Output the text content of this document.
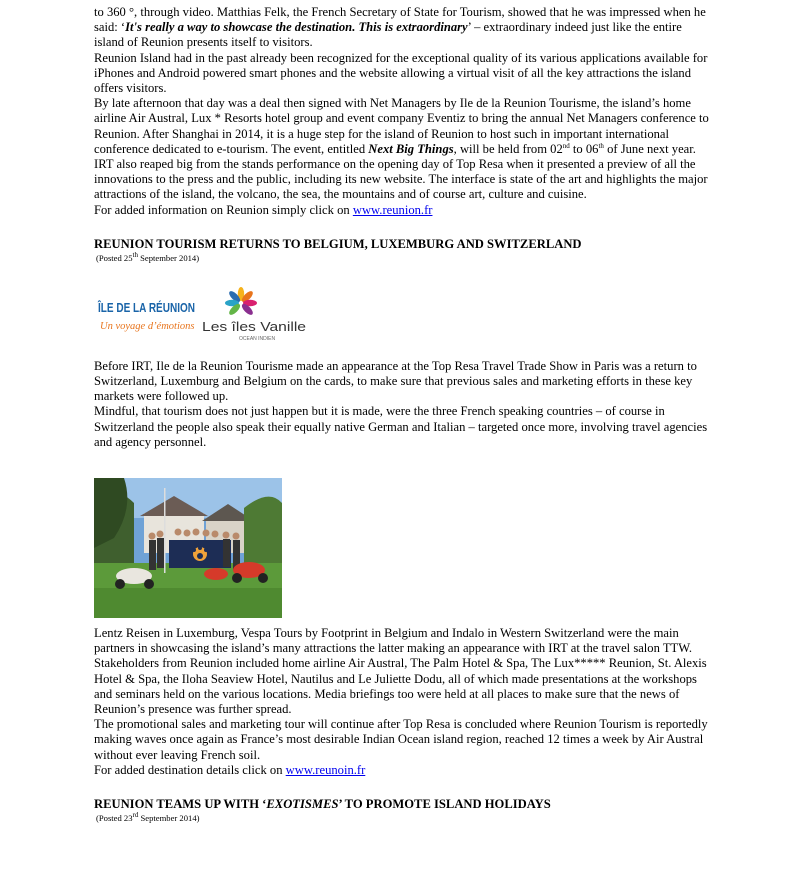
to 360 °, through video. Matthias Felk, the French Secretary of State for Tourism, showed that he was impressed when he said: ‘It's really a way to showcase the destination. This is extraordinary’ – extraordinary indeed just like the entire island of Reunion presents itself to visitors.

Reunion Island had in the past already been recognized for the exceptional quality of its various applications available for iPhones and Android powered smart phones and the website allowing a virtual visit of all the key attractions the island offers visitors.

By late afternoon that day was a deal then signed with Net Managers by Ile de la Reunion Tourisme, the island’s home airline Air Austral, Lux * Resorts hotel group and event company Eventiz to bring the annual Net Managers conference to Reunion. After Shanghai in 2014, it is a huge step for the island of Reunion to host such in important international conference dedicated to e-tourism. The event, entitled Next Big Things, will be held from 02nd to 06th of June next year.

IRT also reaped big from the stands performance on the opening day of Top Resa when it presented a preview of all the innovations to the press and the public, including its new website. The interface is state of the art and highlights the major attractions of the island, the volcano, the sea, the mountains and of course art, culture and cuisine.

For added information on Reunion simply click on www.reunion.fr

REUNION TOURISM RETURNS TO BELGIUM, LUXEMBURG AND SWITZERLAND
(Posted 25th September 2014)
ÎLE DE LA RÉUNION
Un voyage d’émotions Les îles Vanille
OCEAN INDIEN

Before IRT, Ile de la Reunion Tourisme made an appearance at the Top Resa Travel Trade Show in Paris was a return to Switzerland, Luxemburg and Belgium on the cards, to make sure that previous sales and marketing efforts in these key markets were followed up.

Mindful, that tourism does not just happen but it is made, were the three French speaking countries – of course in Switzerland the people also speak their equally native German and Italian – targeted once more, involving travel agencies and agency personnel.

Lentz Reisen in Luxemburg, Vespa Tours by Footprint in Belgium and Indalo in Western Switzerland were the main partners in showcasing the island’s many attractions the latter making an appearance with IRT at the travel salon TTW.

Stakeholders from Reunion included home airline Air Austral, The Palm Hotel & Spa, The Lux***** Reunion, St. Alexis Hotel & Spa, the Iloha Seaview Hotel, Nautilus and Le Juliette Dodu, all of which made presentations at the workshops and seminars held on the various locations. Media briefings too were held at all places to make sure that the news of Reunion’s presence was further spread.

The promotional sales and marketing tour will continue after Top Resa is concluded where Reunion Tourism is reportedly making waves once again as France’s most desirable Indian Ocean island region, reached 12 times a week by Air Austral without ever leaving French soil.

For added destination details click on www.reunoin.fr

REUNION TEAMS UP WITH ‘EXOTISMES’ TO PROMOTE ISLAND HOLIDAYS
(Posted 23rd September 2014)
